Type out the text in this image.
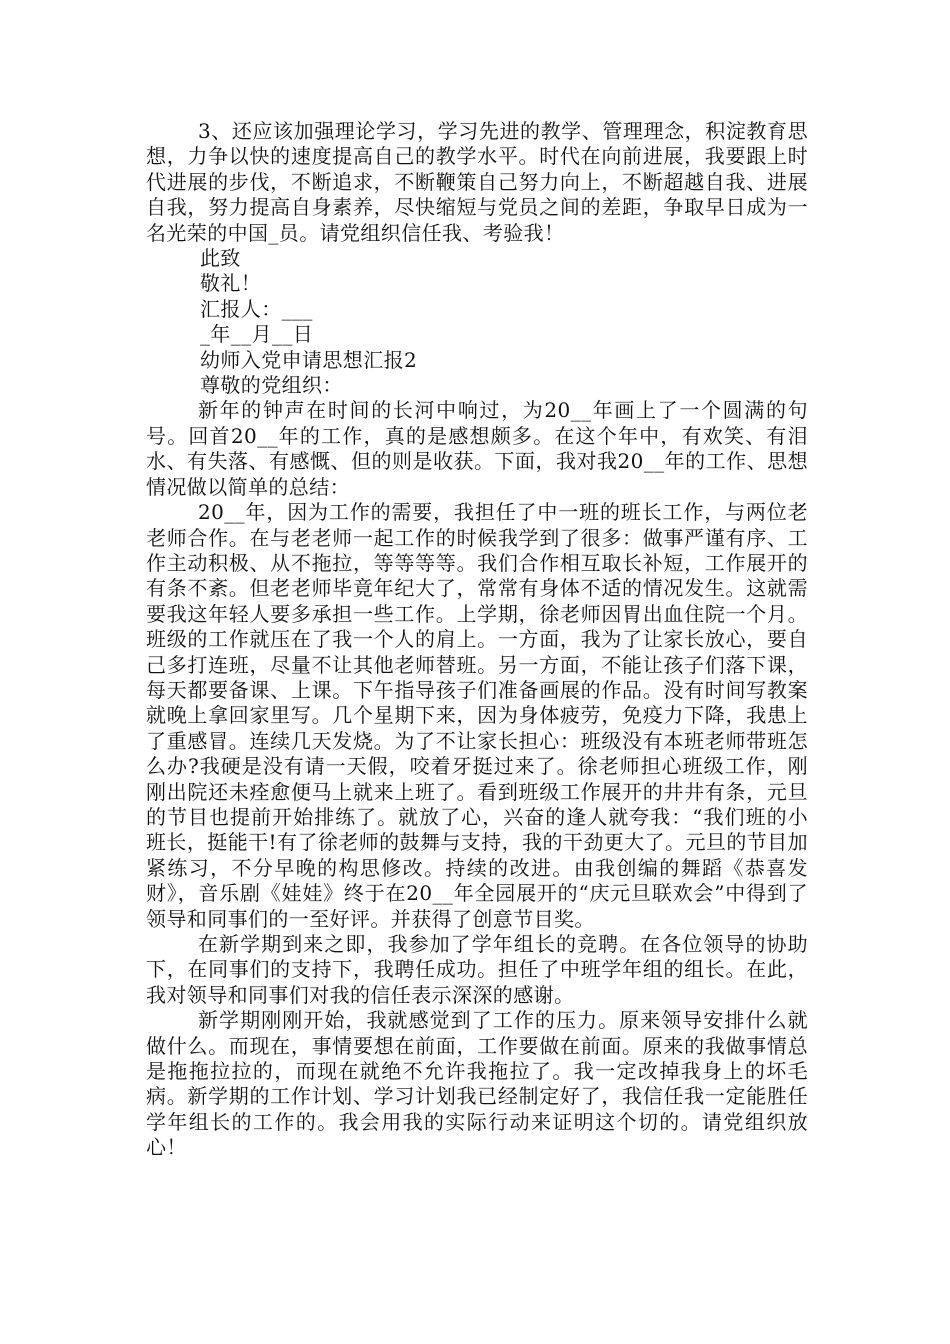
3、还应该加强理论学习，学习先进的教学、管理理念，积淀教育思想，力争以快的速度提高自己的教学水平。时代在向前进展，我要跟上时代进展的步伐，不断追求，不断鞭策自己努力向上，不断超越自我、进展自我，努力提高自身素养，尽快缩短与党员之间的差距，争取早日成为一名光荣的中国_员。请党组织信任我、考验我！

此致

敬礼！

汇报人：___

_年__月__日

幼师入党申请思想汇报2

尊敬的党组织：

新年的钟声在时间的长河中响过，为20__年画上了一个圆满的句号。回首20__年的工作，真的是感想颇多。在这个年中，有欢笑、有泪水、有失落、有感慨、但的则是收获。下面，我对我20__年的工作、思想情况做以简单的总结：

20__年，因为工作的需要，我担任了中一班的班长工作，与两位老老师合作。在与老老师一起工作的时候我学到了很多：做事严谨有序、工作主动积极、从不拖拉，等等等等。我们合作相互取长补短，工作展开的有条不紊。但老老师毕竟年纪大了，常常有身体不适的情况发生。这就需要我这年轻人要多承担一些工作。上学期，徐老师因胃出血住院一个月。班级的工作就压在了我一个人的肩上。一方面，我为了让家长放心，要自己多打连班，尽量不让其他老师替班。另一方面，不能让孩子们落下课，每天都要备课、上课。下午指导孩子们准备画展的作品。没有时间写教案就晚上拿回家里写。几个星期下来，因为身体疲劳，免疫力下降，我患上了重感冒。连续几天发烧。为了不让家长担心：班级没有本班老师带班怎么办?我硬是没有请一天假，咬着牙挺过来了。徐老师担心班级工作，刚刚出院还未痊愈便马上就来上班了。看到班级工作展开的井井有条，元旦的节目也提前开始排练了。就放了心，兴奋的逢人就夸我：“我们班的小班长，挺能干!有了徐老师的鼓舞与支持，我的干劲更大了。元旦的节目加紧练习，不分早晚的构思修改。持续的改进。由我创编的舞蹈《恭喜发财》，音乐剧《娃娃》终于在20__年全园展开的“庆元旦联欢会”中得到了领导和同事们的一至好评。并获得了创意节目奖。

在新学期到来之即，我参加了学年组长的竞聘。在各位领导的协助下，在同事们的支持下，我聘任成功。担任了中班学年组的组长。在此，我对领导和同事们对我的信任表示深深的感谢。

新学期刚刚开始，我就感觉到了工作的压力。原来领导安排什么就做什么。而现在，事情要想在前面，工作要做在前面。原来的我做事情总是拖拖拉拉的，而现在就绝不允许我拖拉了。我一定改掉我身上的坏毛病。新学期的工作计划、学习计划我已经制定好了，我信任我一定能胜任学年组长的工作的。我会用我的实际行动来证明这个切的。请党组织放心！
